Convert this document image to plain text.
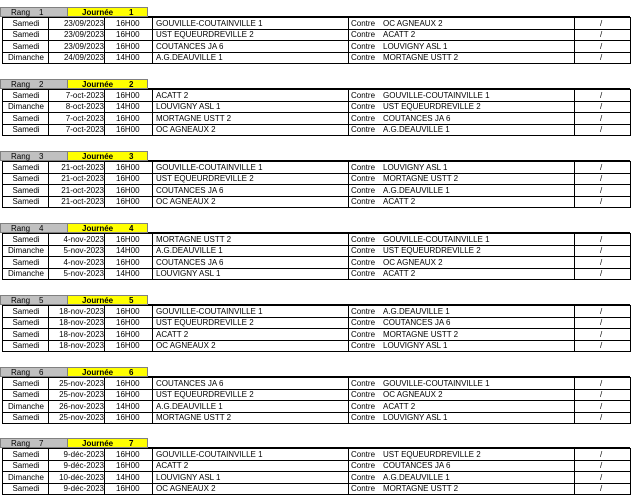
Rang 1	Journée 1
Samedi	23/09/2023 16H00 GOUVILLE-COUTAINVILLE 1	Contre OC AGNEAUX 2	/
Samedi	23/09/2023 16H00 UST EQUEURDREVILLE 2	Contre ACATT 2	/
Samedi	23/09/2023 16H00 COUTANCES JA 6	Contre LOUVIGNY ASL 1	/
Dimanche	24/09/2023 14H00 A.G.DEAUVILLE 1	Contre MORTAGNE USTT 2	/
Rang 2	Journée 2
Samedi	7-oct-2023 16H00 ACATT 2	Contre GOUVILLE-COUTAINVILLE 1	/
Dimanche	8-oct-2023 14H00 LOUVIGNY ASL 1	Contre UST EQUEURDREVILLE 2	/
Samedi	7-oct-2023 16H00 MORTAGNE USTT 2	Contre COUTANCES JA 6	/
Samedi	7-oct-2023 16H00 OC AGNEAUX 2	Contre A.G.DEAUVILLE 1	/
Rang 3	Journée 3
Samedi	21-oct-2023 16H00 GOUVILLE-COUTAINVILLE 1	Contre LOUVIGNY ASL 1	/
Samedi	21-oct-2023 16H00 UST EQUEURDREVILLE 2	Contre MORTAGNE USTT 2	/
Samedi	21-oct-2023 16H00 COUTANCES JA 6	Contre A.G.DEAUVILLE 1	/
Samedi	21-oct-2023 16H00 OC AGNEAUX 2	Contre ACATT 2	/
Rang 4	Journée 4
Samedi	4-nov-2023 16H00 MORTAGNE USTT 2	Contre GOUVILLE-COUTAINVILLE 1	/
Dimanche	5-nov-2023 14H00 A.G.DEAUVILLE 1	Contre UST EQUEURDREVILLE 2	/
Samedi	4-nov-2023 16H00 COUTANCES JA 6	Contre OC AGNEAUX 2	/
Dimanche	5-nov-2023 14H00 LOUVIGNY ASL 1	Contre ACATT 2	/
Rang 5	Journée 5
Samedi	18-nov-2023 16H00 GOUVILLE-COUTAINVILLE 1	Contre A.G.DEAUVILLE 1	/
Samedi	18-nov-2023 16H00 UST EQUEURDREVILLE 2	Contre COUTANCES JA 6	/
Samedi	18-nov-2023 16H00 ACATT 2	Contre MORTAGNE USTT 2	/
Samedi	18-nov-2023 16H00 OC AGNEAUX 2	Contre LOUVIGNY ASL 1	/
Rang 6	Journée 6
Samedi	25-nov-2023 16H00 COUTANCES JA 6	Contre GOUVILLE-COUTAINVILLE 1	/
Samedi	25-nov-2023 16H00 UST EQUEURDREVILLE 2	Contre OC AGNEAUX 2	/
Dimanche	26-nov-2023 14H00 A.G.DEAUVILLE 1	Contre ACATT 2	/
Samedi	25-nov-2023 16H00 MORTAGNE USTT 2	Contre LOUVIGNY ASL 1	/
Rang 7	Journée 7
Samedi	9-déc-2023 16H00 GOUVILLE-COUTAINVILLE 1	Contre UST EQUEURDREVILLE 2	/
Samedi	9-déc-2023 16H00 ACATT 2	Contre COUTANCES JA 6	/
Dimanche	10-déc-2023 14H00 LOUVIGNY ASL 1	Contre A.G.DEAUVILLE 1	/
Samedi	9-déc-2023 16H00 OC AGNEAUX 2	Contre MORTAGNE USTT 2	/
